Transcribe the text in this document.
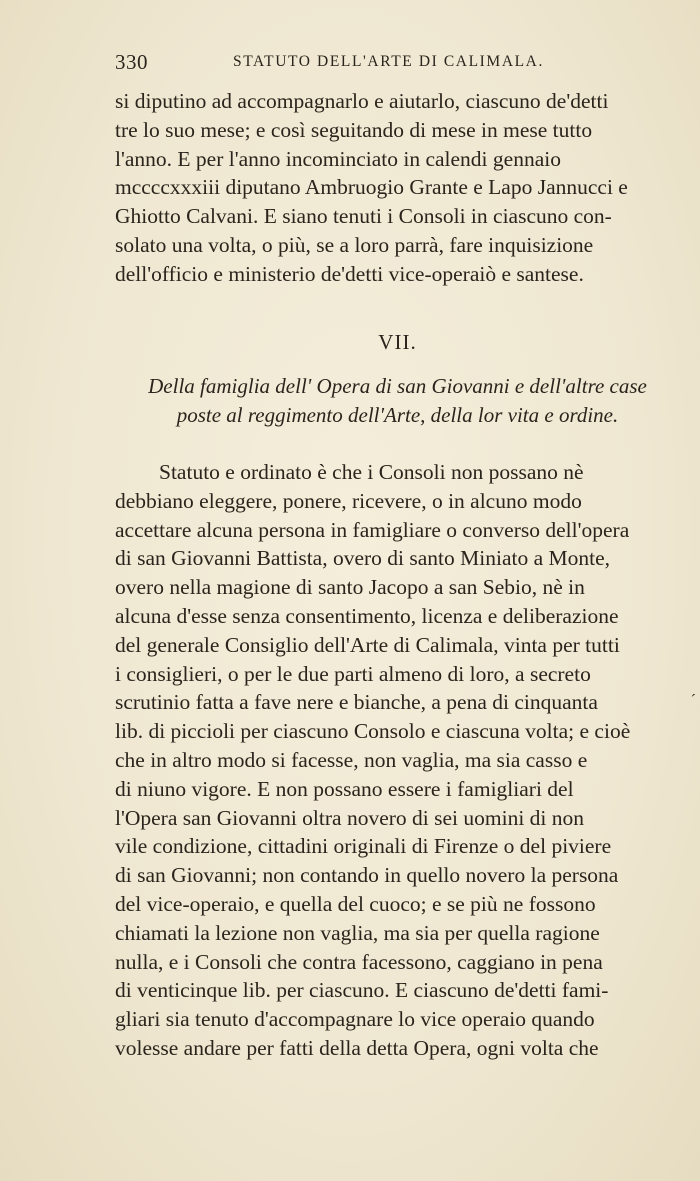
330	STATUTO DELL'ARTE DI CALIMALA.
si diputino ad accompagnarlo e aiutarlo, ciascuno de'detti
tre lo suo mese; e così seguitando di mese in mese tutto
l'anno. E per l'anno incominciato in calendi gennaio
mccccxxxiii diputano Ambruogio Grante e Lapo Jannucci e
Ghiotto Calvani. E siano tenuti i Consoli in ciascuno con-
solato una volta, o più, se a loro parrà, fare inquisizione
dell'officio e ministerio de'detti vice-operaiò e santese.
VII.
Della famiglia dell' Opera di san Giovanni e dell'altre case
poste al reggimento dell'Arte, della lor vita e ordine.
Statuto e ordinato è che i Consoli non possano nè
debbiano eleggere, ponere, ricevere, o in alcuno modo
accettare alcuna persona in famigliare o converso dell'opera
di san Giovanni Battista, overo di santo Miniato a Monte,
overo nella magione di santo Jacopo a san Sebio, nè in
alcuna d'esse senza consentimento, licenza e deliberazione
del generale Consiglio dell'Arte di Calimala, vinta per tutti
i consiglieri, o per le due parti almeno di loro, a secreto
scrutinio fatta a fave nere e bianche, a pena di cinquanta
lib. di piccioli per ciascuno Consolo e ciascuna volta; e cioè
che in altro modo si facesse, non vaglia, ma sia casso e
di niuno vigore. E non possano essere i famigliari del
l'Opera san Giovanni oltra novero di sei uomini di non
vile condizione, cittadini originali di Firenze o del piviere
di san Giovanni; non contando in quello novero la persona
del vice-operaio, e quella del cuoco; e se più ne fossono
chiamati la lezione non vaglia, ma sia per quella ragione
nulla, e i Consoli che contra facessono, caggiano in pena
di venticinque lib. per ciascuno. E ciascuno de'detti fami-
gliari sia tenuto d'accompagnare lo vice operaio quando
volesse andare per fatti della detta Opera, ogni volta che
´
